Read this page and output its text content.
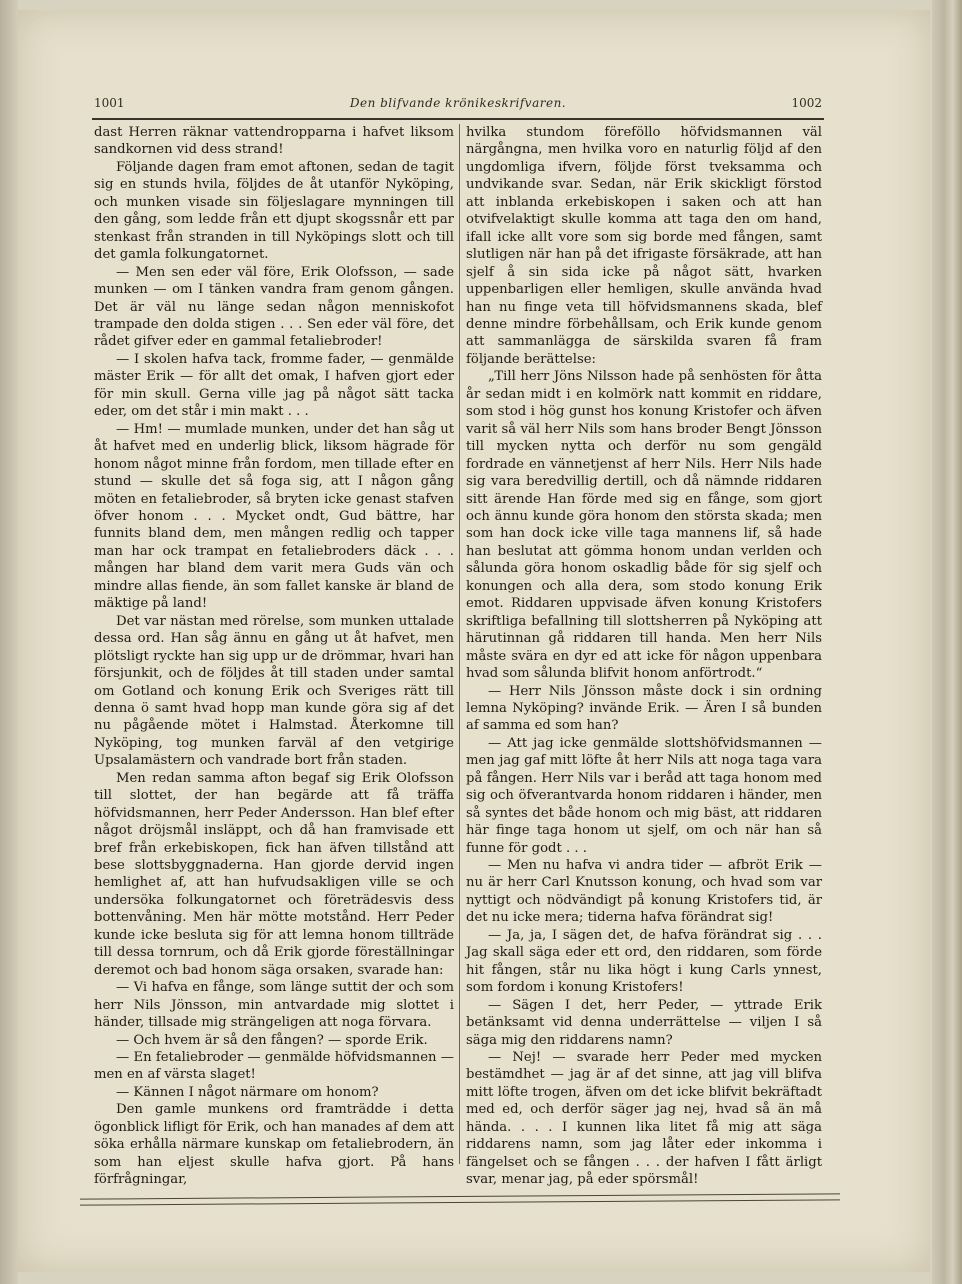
1001	Den blifvande krönikeskrifvaren.	1002

dast Herren räknar vattendropparna i hafvet liksom sandkornen vid dess strand!

Följande dagen fram emot aftonen, sedan de tagit sig en stunds hvila, följdes de åt utanför Nyköping, och munken visade sin följeslagare mynningen till den gång, som ledde från ett djupt skogssnår ett par stenkast från stranden in till Nyköpings slott och till det gamla folkungatornet.

— Men sen eder väl före, Erik Olofsson, — sade munken — om I tänken vandra fram genom gången. Det är väl nu länge sedan någon menniskofot trampade den dolda stigen . . . Sen eder väl före, det rådet gifver eder en gammal fetaliebroder!

— I skolen hafva tack, fromme fader, — genmälde mäster Erik — för allt det omak, I hafven gjort eder för min skull. Gerna ville jag på något sätt tacka eder, om det står i min makt . . .

— Hm! — mumlade munken, under det han såg ut åt hafvet med en underlig blick, liksom hägrade för honom något minne från fordom, men tillade efter en stund — skulle det så foga sig, att I någon gång möten en fetaliebroder, så bryten icke genast stafven öfver honom . . . Mycket ondt, Gud bättre, har funnits bland dem, men mången redlig och tapper man har ock trampat en fetaliebroders däck . . . mången har bland dem varit mera Guds vän och mindre allas fiende, än som fallet kanske är bland de mäktige på land!

Det var nästan med rörelse, som munken uttalade dessa ord. Han såg ännu en gång ut åt hafvet, men plötsligt ryckte han sig upp ur de drömmar, hvari han försjunkit, och de följdes åt till staden under samtal om Gotland och konung Erik och Sveriges rätt till denna ö samt hvad hopp man kunde göra sig af det nu pågående mötet i Halmstad. Återkomne till Nyköping, tog munken farväl af den vetgirige Upsalamästern och vandrade bort från staden.

Men redan samma afton begaf sig Erik Olofsson till slottet, der han begärde att få träffa höfvidsmannen, herr Peder Andersson. Han blef efter något dröjsmål insläppt, och då han framvisade ett bref från erkebiskopen, fick han äfven tillstånd att bese slottsbyggnaderna. Han gjorde dervid ingen hemlighet af, att han hufvudsakligen ville se och undersöka folkungatornet och företrädesvis dess bottenvåning. Men här mötte motstånd. Herr Peder kunde icke besluta sig för att lemna honom tillträde till dessa tornrum, och då Erik gjorde föreställningar deremot och bad honom säga orsaken, svarade han:

— Vi hafva en fånge, som länge suttit der och som herr Nils Jönsson, min antvardade mig slottet i händer, tillsade mig strängeligen att noga förvara.

— Och hvem är så den fången? — sporde Erik.

— En fetaliebroder — genmälde höfvidsmannen — men en af värsta slaget!

— Kännen I något närmare om honom?

Den gamle munkens ord framträdde i detta ögonblick lifligt för Erik, och han manades af dem att söka erhålla närmare kunskap om fetaliebrodern, än som han eljest skulle hafva gjort. På hans förfrågningar,

hvilka stundom föreföllo höfvidsmannen väl närgångna, men hvilka voro en naturlig följd af den ungdomliga ifvern, följde först tveksamma och undvikande svar. Sedan, när Erik skickligt förstod att inblanda erkebiskopen i saken och att han otvifvelaktigt skulle komma att taga den om hand, ifall icke allt vore som sig borde med fången, samt slutligen när han på det ifrigaste försäkrade, att han sjelf å sin sida icke på något sätt, hvarken uppenbarligen eller hemligen, skulle använda hvad han nu finge veta till höfvidsmannens skada, blef denne mindre förbehållsam, och Erik kunde genom att sammanlägga de särskilda svaren få fram följande berättelse:

„Till herr Jöns Nilsson hade på senhösten för åtta år sedan midt i en kolmörk natt kommit en riddare, som stod i hög gunst hos konung Kristofer och äfven varit så väl herr Nils som hans broder Bengt Jönsson till mycken nytta och derför nu som gengäld fordrade en vännetjenst af herr Nils. Herr Nils hade sig vara beredvillig dertill, och då nämnde riddaren sitt ärende Han förde med sig en fånge, som gjort och ännu kunde göra honom den största skada; men som han dock icke ville taga mannens lif, så hade han beslutat att gömma honom undan verlden och sålunda göra honom oskadlig både för sig sjelf och konungen och alla dera, som stodo konung Erik emot. Riddaren uppvisade äfven konung Kristofers skriftliga befallning till slottsherren på Nyköping att härutinnan gå riddaren till handa. Men herr Nils måste svära en dyr ed att icke för någon uppenbara hvad som sålunda blifvit honom anförtrodt.“

— Herr Nils Jönsson måste dock i sin ordning lemna Nyköping? invände Erik. — Ären I så bunden af samma ed som han?

— Att jag icke genmälde slottshöfvidsmannen — men jag gaf mitt löfte åt herr Nils att noga taga vara på fången. Herr Nils var i beråd att taga honom med sig och öfverantvarda honom riddaren i händer, men så syntes det både honom och mig bäst, att riddaren här finge taga honom ut sjelf, om och när han så funne för godt . . .

— Men nu hafva vi andra tider — afbröt Erik — nu är herr Carl Knutsson konung, och hvad som var nyttigt och nödvändigt på konung Kristofers tid, är det nu icke mera; tiderna hafva förändrat sig!

— Ja, ja, I sägen det, de hafva förändrat sig . . . Jag skall säga eder ett ord, den riddaren, som förde hit fången, står nu lika högt i kung Carls ynnest, som fordom i konung Kristofers!

— Sägen I det, herr Peder, — yttrade Erik betänksamt vid denna underrättelse — viljen I så säga mig den riddarens namn?

— Nej! — svarade herr Peder med mycken bestämdhet — jag är af det sinne, att jag vill blifva mitt löfte trogen, äfven om det icke blifvit bekräftadt med ed, och derför säger jag nej, hvad så än må hända. . . . I kunnen lika litet få mig att säga riddarens namn, som jag låter eder inkomma i fängelset och se fången . . . der hafven I fått ärligt svar, menar jag, på eder spörsmål!
